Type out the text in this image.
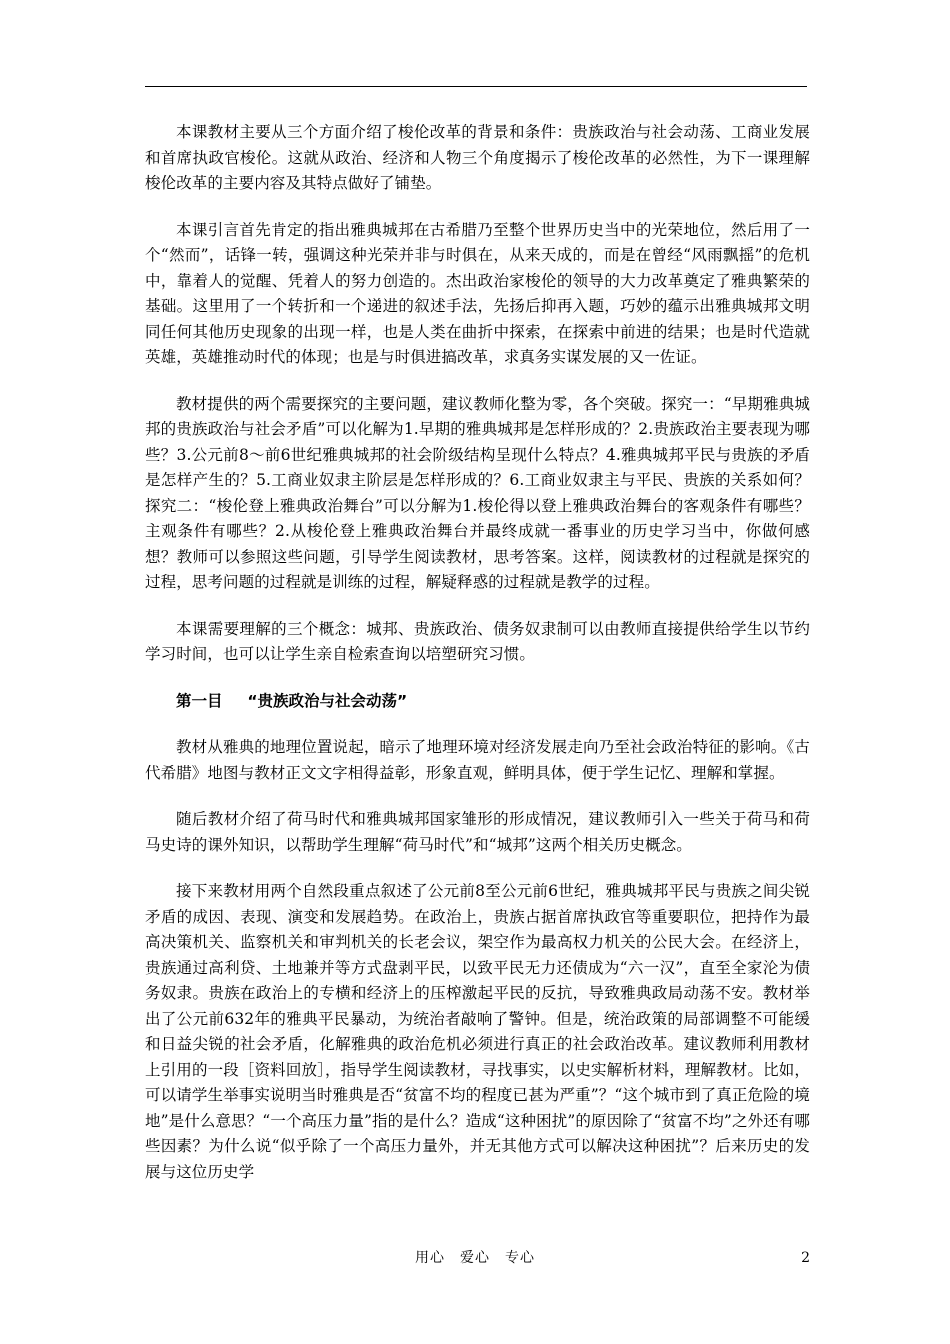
本课教材主要从三个方面介绍了梭伦改革的背景和条件：贵族政治与社会动荡、工商业发展和首席执政官梭伦。这就从政治、经济和人物三个角度揭示了梭伦改革的必然性，为下一课理解梭伦改革的主要内容及其特点做好了铺垫。

本课引言首先肯定的指出雅典城邦在古希腊乃至整个世界历史当中的光荣地位，然后用了一个“然而”，话锋一转，强调这种光荣并非与时俱在，从来天成的，而是在曾经“风雨飘摇”的危机中，靠着人的觉醒、凭着人的努力创造的。杰出政治家梭伦的领导的大力改革奠定了雅典繁荣的基础。这里用了一个转折和一个递进的叙述手法，先扬后抑再入题，巧妙的蕴示出雅典城邦文明同任何其他历史现象的出现一样，也是人类在曲折中探索，在探索中前进的结果；也是时代造就英雄，英雄推动时代的体现；也是与时俱进搞改革，求真务实谋发展的又一佐证。

教材提供的两个需要探究的主要问题，建议教师化整为零，各个突破。探究一：“早期雅典城邦的贵族政治与社会矛盾”可以化解为1.早期的雅典城邦是怎样形成的？2.贵族政治主要表现为哪些？3.公元前8～前6世纪雅典城邦的社会阶级结构呈现什么特点？4.雅典城邦平民与贵族的矛盾是怎样产生的？5.工商业奴隶主阶层是怎样形成的？6.工商业奴隶主与平民、贵族的关系如何？探究二：“梭伦登上雅典政治舞台”可以分解为1.梭伦得以登上雅典政治舞台的客观条件有哪些？主观条件有哪些？2.从梭伦登上雅典政治舞台并最终成就一番事业的历史学习当中，你做何感想？教师可以参照这些问题，引导学生阅读教材，思考答案。这样，阅读教材的过程就是探究的过程，思考问题的过程就是训练的过程，解疑释惑的过程就是教学的过程。

本课需要理解的三个概念：城邦、贵族政治、债务奴隶制可以由教师直接提供给学生以节约学习时间，也可以让学生亲自检索查询以培塑研究习惯。

第一目 “贵族政治与社会动荡”

教材从雅典的地理位置说起，暗示了地理环境对经济发展走向乃至社会政治特征的影响。《古代希腊》地图与教材正文文字相得益彰，形象直观，鲜明具体，便于学生记忆、理解和掌握。

随后教材介绍了荷马时代和雅典城邦国家雏形的形成情况，建议教师引入一些关于荷马和荷马史诗的课外知识，以帮助学生理解“荷马时代”和“城邦”这两个相关历史概念。

接下来教材用两个自然段重点叙述了公元前8至公元前6世纪，雅典城邦平民与贵族之间尖锐矛盾的成因、表现、演变和发展趋势。在政治上，贵族占据首席执政官等重要职位，把持作为最高决策机关、监察机关和审判机关的长老会议，架空作为最高权力机关的公民大会。在经济上，贵族通过高利贷、土地兼并等方式盘剥平民，以致平民无力还债成为“六一汉”，直至全家沦为债务奴隶。贵族在政治上的专横和经济上的压榨激起平民的反抗，导致雅典政局动荡不安。教材举出了公元前632年的雅典平民暴动，为统治者敲响了警钟。但是，统治政策的局部调整不可能缓和日益尖锐的社会矛盾，化解雅典的政治危机必须进行真正的社会政治改革。建议教师利用教材上引用的一段［资料回放］，指导学生阅读教材，寻找事实，以史实解析材料，理解教材。比如，可以请学生举事实说明当时雅典是否“贫富不均的程度已甚为严重”？“这个城市到了真正危险的境地”是什么意思？“一个高压力量”指的是什么？造成“这种困扰”的原因除了“贫富不均”之外还有哪些因素？为什么说“似乎除了一个高压力量外，并无其他方式可以解决这种困扰”？后来历史的发展与这位历史学

用心　爱心　专心	2
